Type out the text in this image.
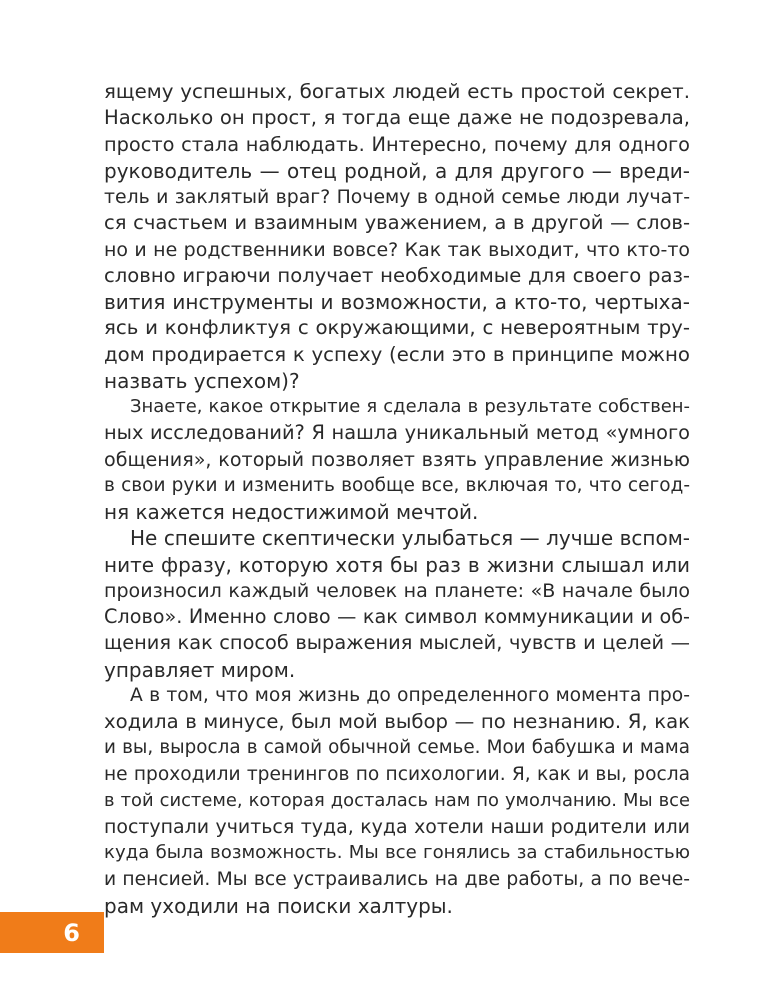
ящему успешных, богатых людей есть простой секрет.
Насколько он прост, я тогда еще даже не подозревала,
просто стала наблюдать. Интересно, почему для одного
руководитель — отец родной, а для другого — вреди-
тель и заклятый враг? Почему в одной семье люди лучат-
ся счастьем и взаимным уважением, а в другой — слов-
но и не родственники вовсе? Как так выходит, что кто-то
словно играючи получает необходимые для своего раз-
вития инструменты и возможности, а кто-то, чертыха-
ясь и конфликтуя с окружающими, с невероятным тру-
дом продирается к успеху (если это в принципе можно
назвать успехом)?
Знаете, какое открытие я сделала в результате собствен-
ных исследований? Я нашла уникальный метод «умного
общения», который позволяет взять управление жизнью
в свои руки и изменить вообще все, включая то, что сегод-
ня кажется недостижимой мечтой.
Не спешите скептически улыбаться — лучше вспом-
ните фразу, которую хотя бы раз в жизни слышал или
произносил каждый человек на планете: «В начале было
Слово». Именно слово — как символ коммуникации и об-
щения как способ выражения мыслей, чувств и целей —
управляет миром.
А в том, что моя жизнь до определенного момента про-
ходила в минусе, был мой выбор — по незнанию. Я, как
и вы, выросла в самой обычной семье. Мои бабушка и мама
не проходили тренингов по психологии. Я, как и вы, росла
в той системе, которая досталась нам по умолчанию. Мы все
поступали учиться туда, куда хотели наши родители или
куда была возможность. Мы все гонялись за стабильностью
и пенсией. Мы все устраивались на две работы, а по вече-
рам уходили на поиски халтуры.
6
